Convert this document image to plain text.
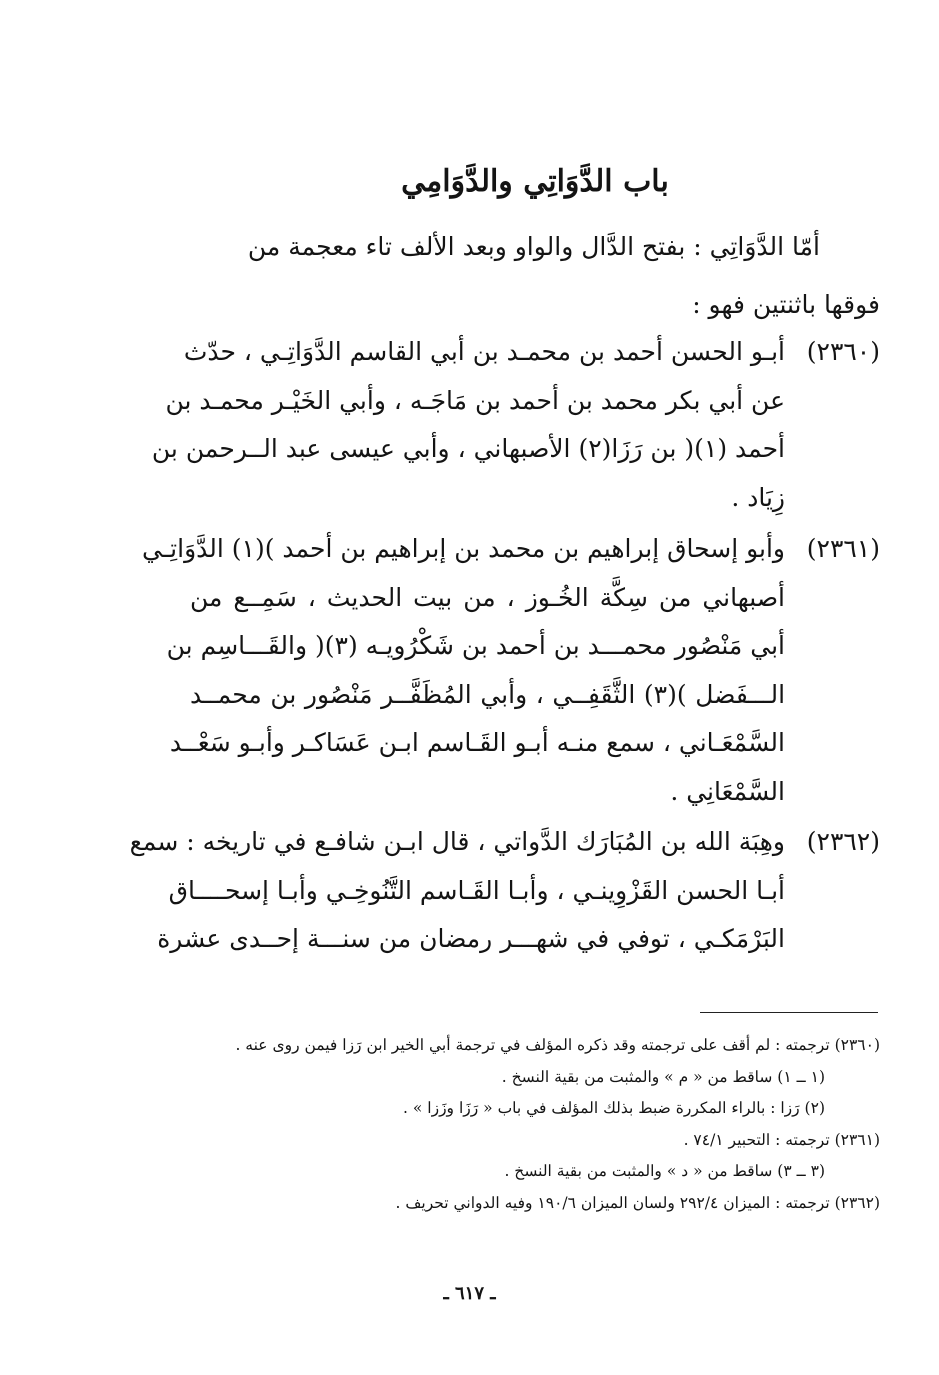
باب الدَّوَاتِي والدَّوَامِي
أمّا الدَّوَاتِي : بفتح الدَّال والواو وبعد الألف تاء معجمة من
فوقها باثنتين فهو :
(٢٣٦٠)
أبـو الحسن أحمد بن محمـد بن أبي القاسم الدَّوَاتِـي ، حدّث
عن أبي بكر محمد بن أحمد بن مَاجَـه ، وأبي الخَيْـر محمـد بن
أحمد (١)( بن رَزَا(٢) الأصبهاني ، وأبي عيسى عبد الــرحمن بن
زِيَاد .
(٢٣٦١)
وأبو إسحاق إبراهيم بن محمد بن إبراهيم بن أحمد )(١) الدَّوَاتِـي
أصبهاني من سِكَّة الخُـوز ، من بيت الحديث ، سَمِــع من
أبي مَنْصُور محمـــد بن أحمد بن شَكْرُويـه (٣)( والقَـــاسِم بن
الـــفَضل )(٣) الثَّقَفِــي ، وأبي المُظَفَّــر مَنْصُور بن محمــد
السَّمْعَـاني ، سمع منـه أبـو القَـاسم ابـن عَسَاكـر وأبـو سَعْــد
السَّمْعَانِي .
(٢٣٦٢)
وهِبَة الله بن المُبَارَك الدَّواتي ، قال ابـن شافـع في تاريخه : سمع
أبـا الحسن القَزْوِينـي ، وأبـا القَـاسم التَّنُوخِـي وأبـا إسحــــاق
البَرْمَكـي ، توفي في شهـــر رمضان من سنـــة إحــدى عشرة
(٢٣٦٠) ترجمته : لم أقف على ترجمته وقد ذكره المؤلف في ترجمة أبي الخير ابن رَزا فيمن روى عنه .
(١ ــ ١) ساقط من « م » والمثبت من بقية النسخ .
(٢) رَزا : بالراء المكررة ضبط بذلك المؤلف في باب « رَزَا وزَزا » .
(٢٣٦١) ترجمته : التحبير ٧٤/١ .
(٣ ــ ٣) ساقط من « د » والمثبت من بقية النسخ .
(٢٣٦٢) ترجمته : الميزان ٢٩٢/٤ ولسان الميزان ١٩٠/٦ وفيه الدواني تحريف .
ـ ٦١٧ ـ
